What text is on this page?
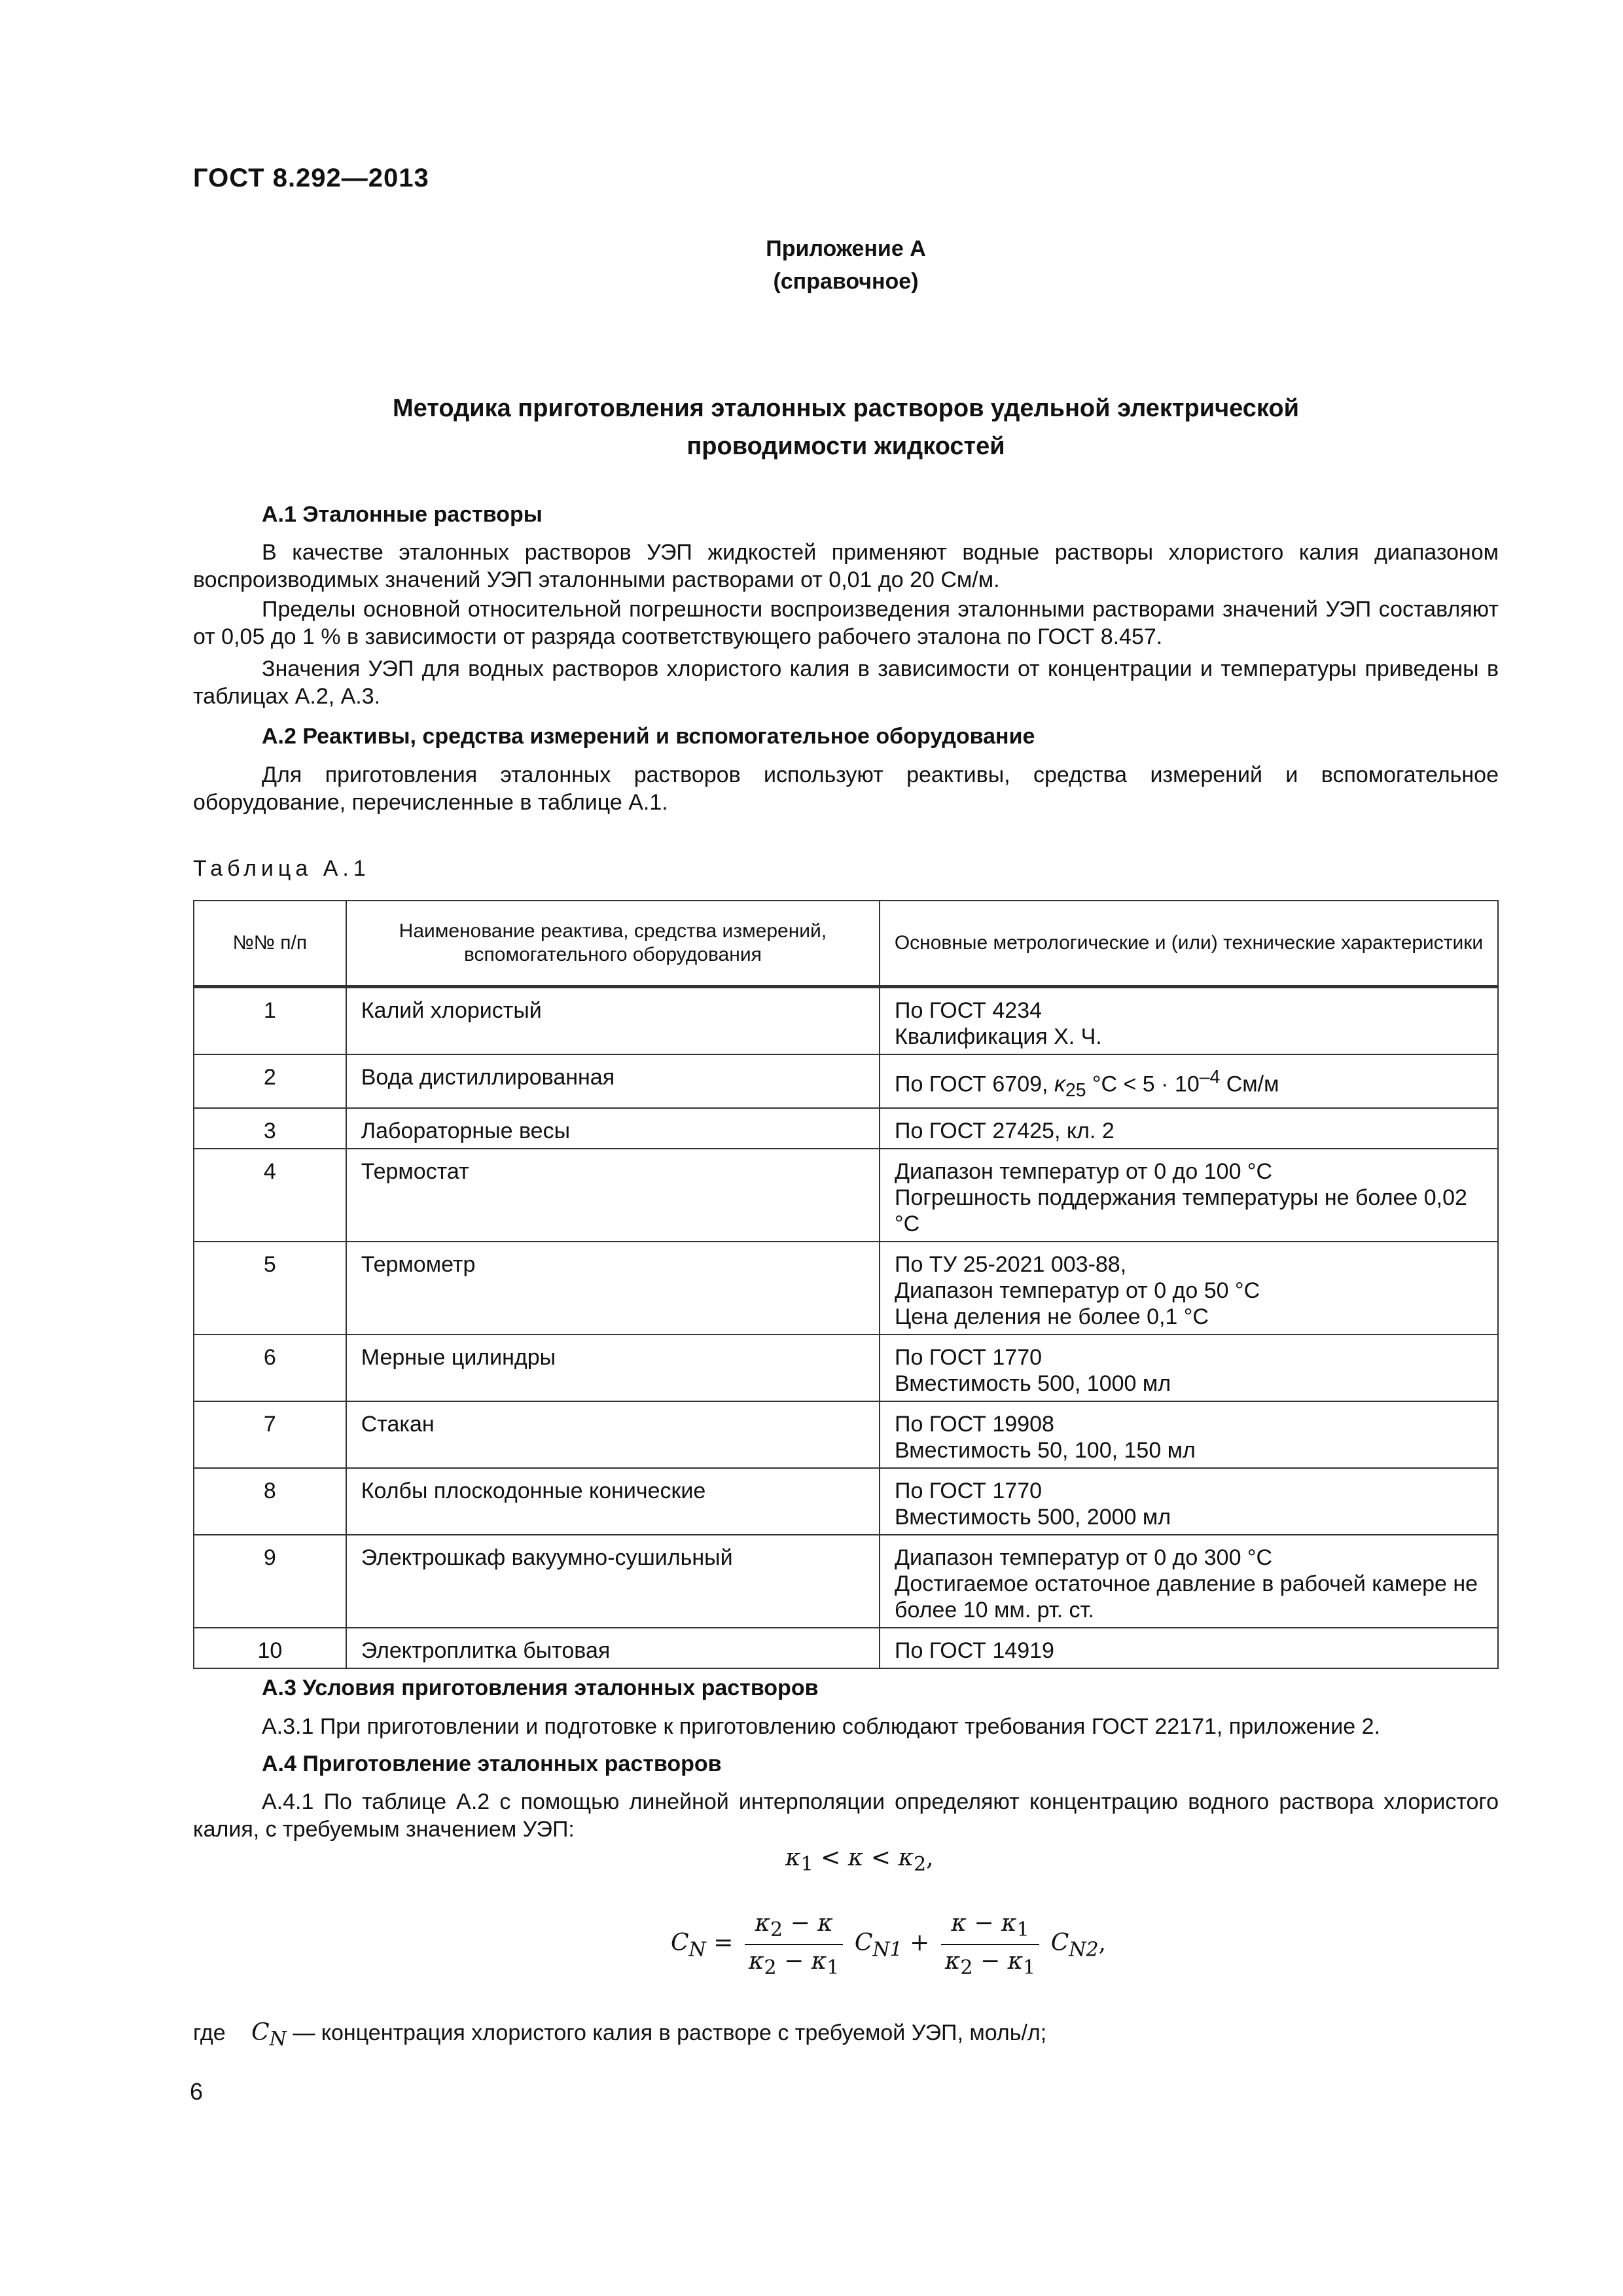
ГОСТ 8.292—2013
Приложение А
(справочное)
Методика приготовления эталонных растворов удельной электрической
проводимости жидкостей
А.1 Эталонные растворы
В качестве эталонных растворов УЭП жидкостей применяют водные растворы хлористого калия диапазоном воспроизводимых значений УЭП эталонными растворами от 0,01 до 20 См/м.
Пределы основной относительной погрешности воспроизведения эталонными растворами значений УЭП составляют от 0,05 до 1 % в зависимости от разряда соответствующего рабочего эталона по ГОСТ 8.457.
Значения УЭП для водных растворов хлористого калия в зависимости от концентрации и температуры приведены в таблицах А.2, А.3.
А.2 Реактивы, средства измерений и вспомогательное оборудование
Для приготовления эталонных растворов используют реактивы, средства измерений и вспомогательное оборудование, перечисленные в таблице А.1.
Таблица А.1
№№ п/п	Наименование реактива, средства измерений, вспомогательного оборудования	Основные метрологические и (или) технические характеристики
1	Калий хлористый	По ГОСТ 4234
Квалификация Х. Ч.

2	Вода дистиллированная	По ГОСТ 6709, $\kappa_{25}$ $^\circ С < 5 \cdot 10^{-4}$ См/м
3	Лабораторные весы	По ГОСТ 27425, кл. 2

4	Термостат	Диапазон температур от 0 до 100 °С
Погрешность поддержания температуры не более 0,02 °С

5	Термометр	По ТУ 25-2021 003-88,
Диапазон температур от 0 до 50 °С
Цена деления не более 0,1 °С

6	Мерные цилиндры	По ГОСТ 1770
Вместимость 500, 1000 мл

7	Стакан	По ГОСТ 19908
Вместимость 50, 100, 150 мл

8	Колбы плоскодонные конические	По ГОСТ 1770
Вместимость 500, 2000 мл

9	Электрошкаф вакуумно-сушильный	Диапазон температур от 0 до 300 °С
Достигаемое остаточное давление в рабочей камере не более 10 мм. рт. ст.

10	Электроплитка бытовая	По ГОСТ 14919
А.3 Условия приготовления эталонных растворов
А.3.1 При приготовлении и подготовке к приготовлению соблюдают требования ГОСТ 22171, приложение 2.
А.4 Приготовление эталонных растворов
А.4.1 По таблице А.2 с помощью линейной интерполяции определяют концентрацию водного раствора хлористого калия, с требуемым значением УЭП:
$\kappa_1 < \kappa < \kappa_2$,
$C_N = \frac{\kappa_2 - \kappa}{\kappa_2 - \kappa_1} C_{N1} + \frac{\kappa - \kappa_1}{\kappa_2 - \kappa_1} C_{N2}$,
где $C_N$ — концентрация хлористого калия в растворе с требуемой УЭП, моль/л;
6
